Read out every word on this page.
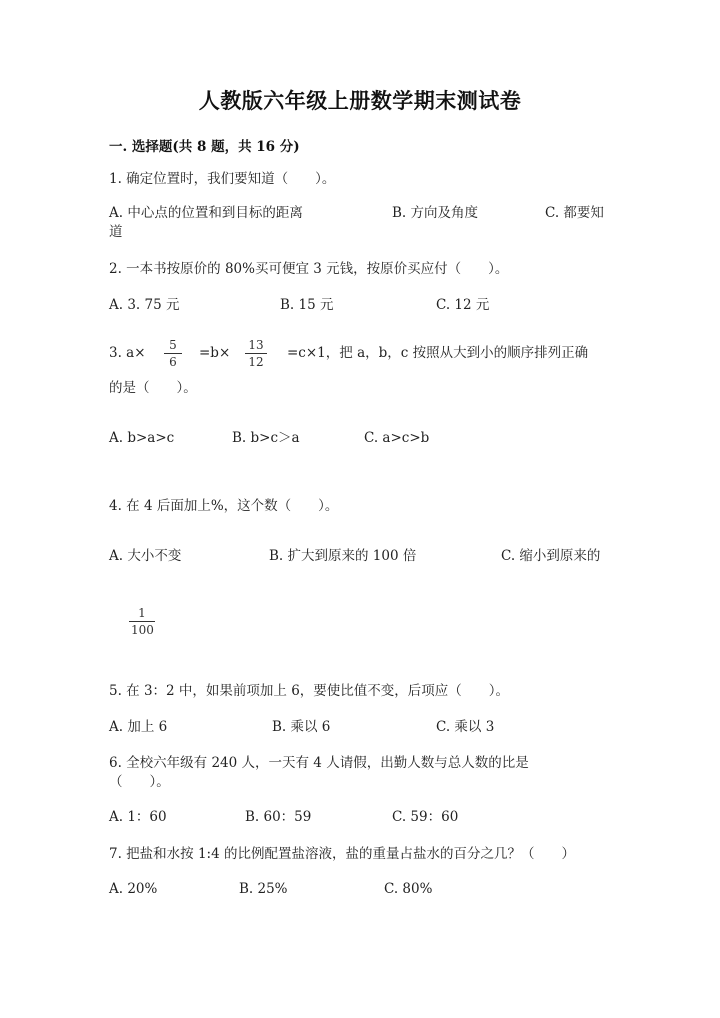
人教版六年级上册数学期末测试卷
一. 选择题(共 8 题，共 16 分)
1. 确定位置时，我们要知道（　　）。
A. 中心点的位置和到目标的距离	B. 方向及角度	C. 都要知
道
2. 一本书按原价的 80%买可便宜 3 元钱，按原价买应付（　　）。
A. 3. 75 元	B. 15 元	C. 12 元
3. a×	5
6
=b× 13
12
=c×1，把 a，b，c 按照从大到小的顺序排列正确
的是（　　）。
A. b>a>c	B. b>c＞a	C. a>c>b
4. 在 4 后面加上%，这个数（　　）。
A. 大小不变	B. 扩大到原来的 100 倍	C. 缩小到原来的
1
100
5. 在 3：2 中，如果前项加上 6，要使比值不变，后项应（　　）。
A. 加上 6	B. 乘以 6	C. 乘以 3
6. 全校六年级有 240 人，一天有 4 人请假，出勤人数与总人数的比是
（　　）。
A. 1：60	B. 60：59	C. 59：60
7. 把盐和水按 1:4 的比例配置盐溶液，盐的重量占盐水的百分之几？（　　）
A. 20%	B. 25%	C. 80%
